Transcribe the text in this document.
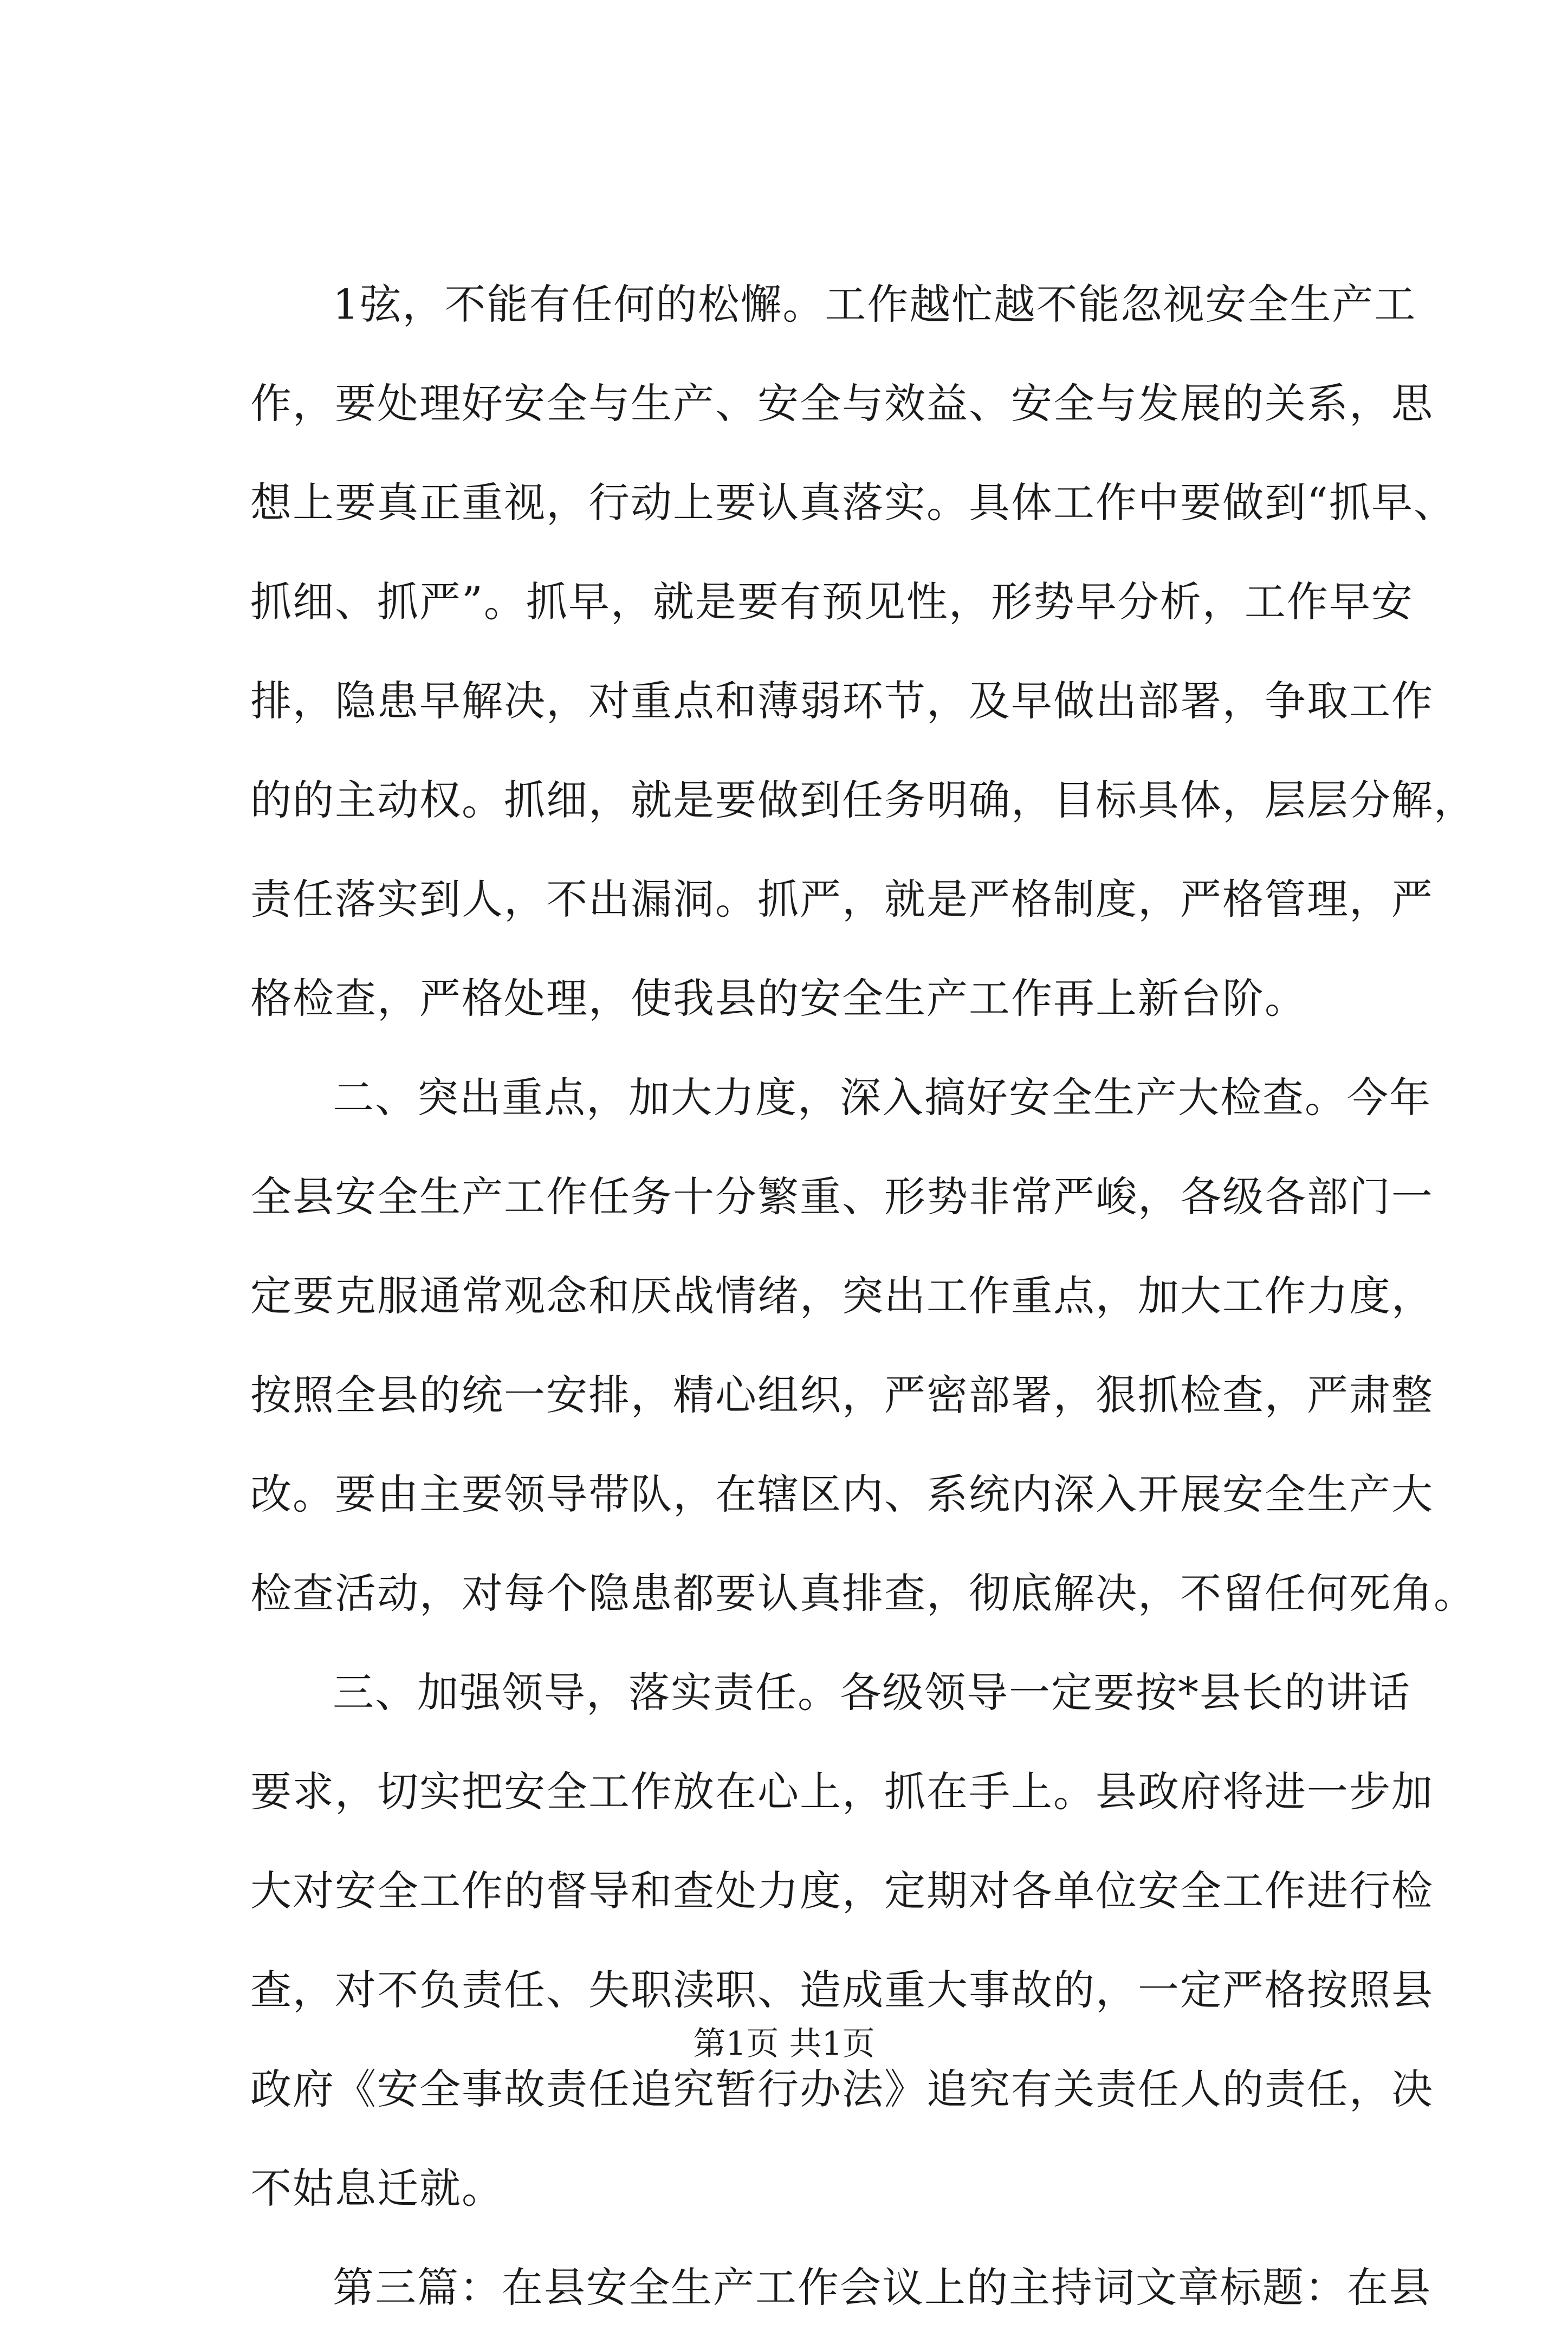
1弦，不能有任何的松懈。工作越忙越不能忽视安全生产工
作，要处理好安全与生产、安全与效益、安全与发展的关系，思
想上要真正重视，行动上要认真落实。具体工作中要做到“抓早、
抓细、抓严”。抓早，就是要有预见性，形势早分析，工作早安
排，隐患早解决，对重点和薄弱环节，及早做出部署，争取工作
的的主动权。抓细，就是要做到任务明确，目标具体，层层分解，
责任落实到人，不出漏洞。抓严，就是严格制度，严格管理，严
格检查，严格处理，使我县的安全生产工作再上新台阶。
二、突出重点，加大力度，深入搞好安全生产大检查。今年
全县安全生产工作任务十分繁重、形势非常严峻，各级各部门一
定要克服通常观念和厌战情绪，突出工作重点，加大工作力度，
按照全县的统一安排，精心组织，严密部署，狠抓检查，严肃整
改。要由主要领导带队，在辖区内、系统内深入开展安全生产大
检查活动，对每个隐患都要认真排查，彻底解决，不留任何死角。
三、加强领导，落实责任。各级领导一定要按*县长的讲话
要求，切实把安全工作放在心上，抓在手上。县政府将进一步加
大对安全工作的督导和查处力度，定期对各单位安全工作进行检
查，对不负责任、失职渎职、造成重大事故的，一定严格按照县
政府《安全事故责任追究暂行办法》追究有关责任人的责任，决
不姑息迁就。
第三篇：在县安全生产工作会议上的主持词文章标题：在县
第1页 共1页
